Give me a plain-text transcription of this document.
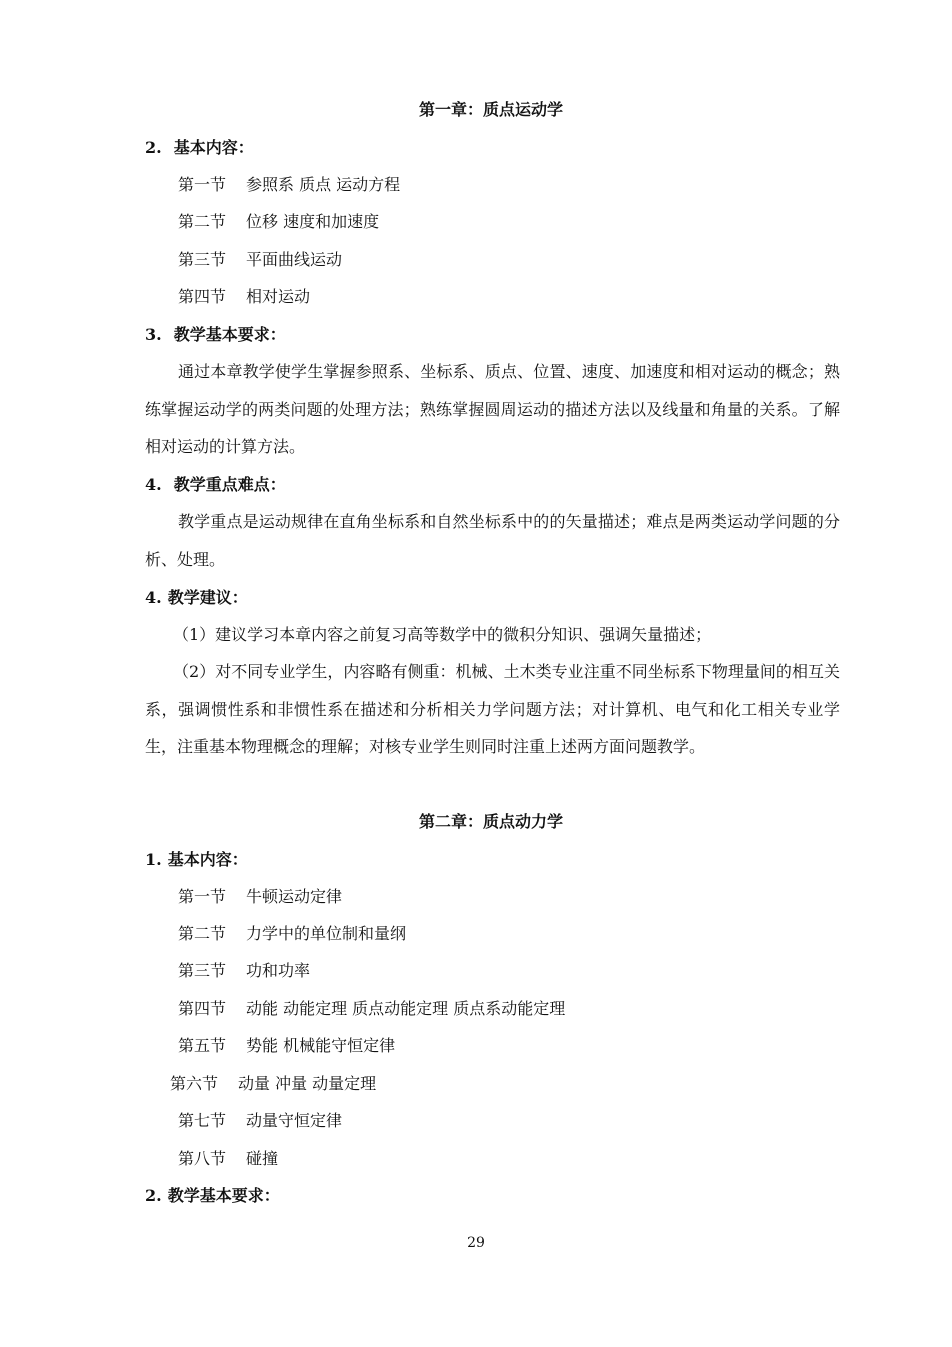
第一章：质点运动学
2. 基本内容：
第一节 参照系 质点 运动方程
第二节 位移 速度和加速度
第三节 平面曲线运动
第四节 相对运动
3. 教学基本要求：
通过本章教学使学生掌握参照系、坐标系、质点、位置、速度、加速度和相对运动的概念；熟练掌握运动学的两类问题的处理方法；熟练掌握圆周运动的描述方法以及线量和角量的关系。了解相对运动的计算方法。
4. 教学重点难点：
教学重点是运动规律在直角坐标系和自然坐标系中的的矢量描述；难点是两类运动学问题的分析、处理。
4. 教学建议：
（1）建议学习本章内容之前复习高等数学中的微积分知识、强调矢量描述；
（2）对不同专业学生，内容略有侧重：机械、土木类专业注重不同坐标系下物理量间的相互关系，强调惯性系和非惯性系在描述和分析相关力学问题方法；对计算机、电气和化工相关专业学生，注重基本物理概念的理解；对核专业学生则同时注重上述两方面问题教学。
第二章：质点动力学
1. 基本内容：
第一节 牛顿运动定律
第二节 力学中的单位制和量纲
第三节 功和功率
第四节 动能 动能定理 质点动能定理 质点系动能定理
第五节 势能 机械能守恒定律
第六节 动量 冲量 动量定理
第七节 动量守恒定律
第八节 碰撞
2. 教学基本要求：
29
